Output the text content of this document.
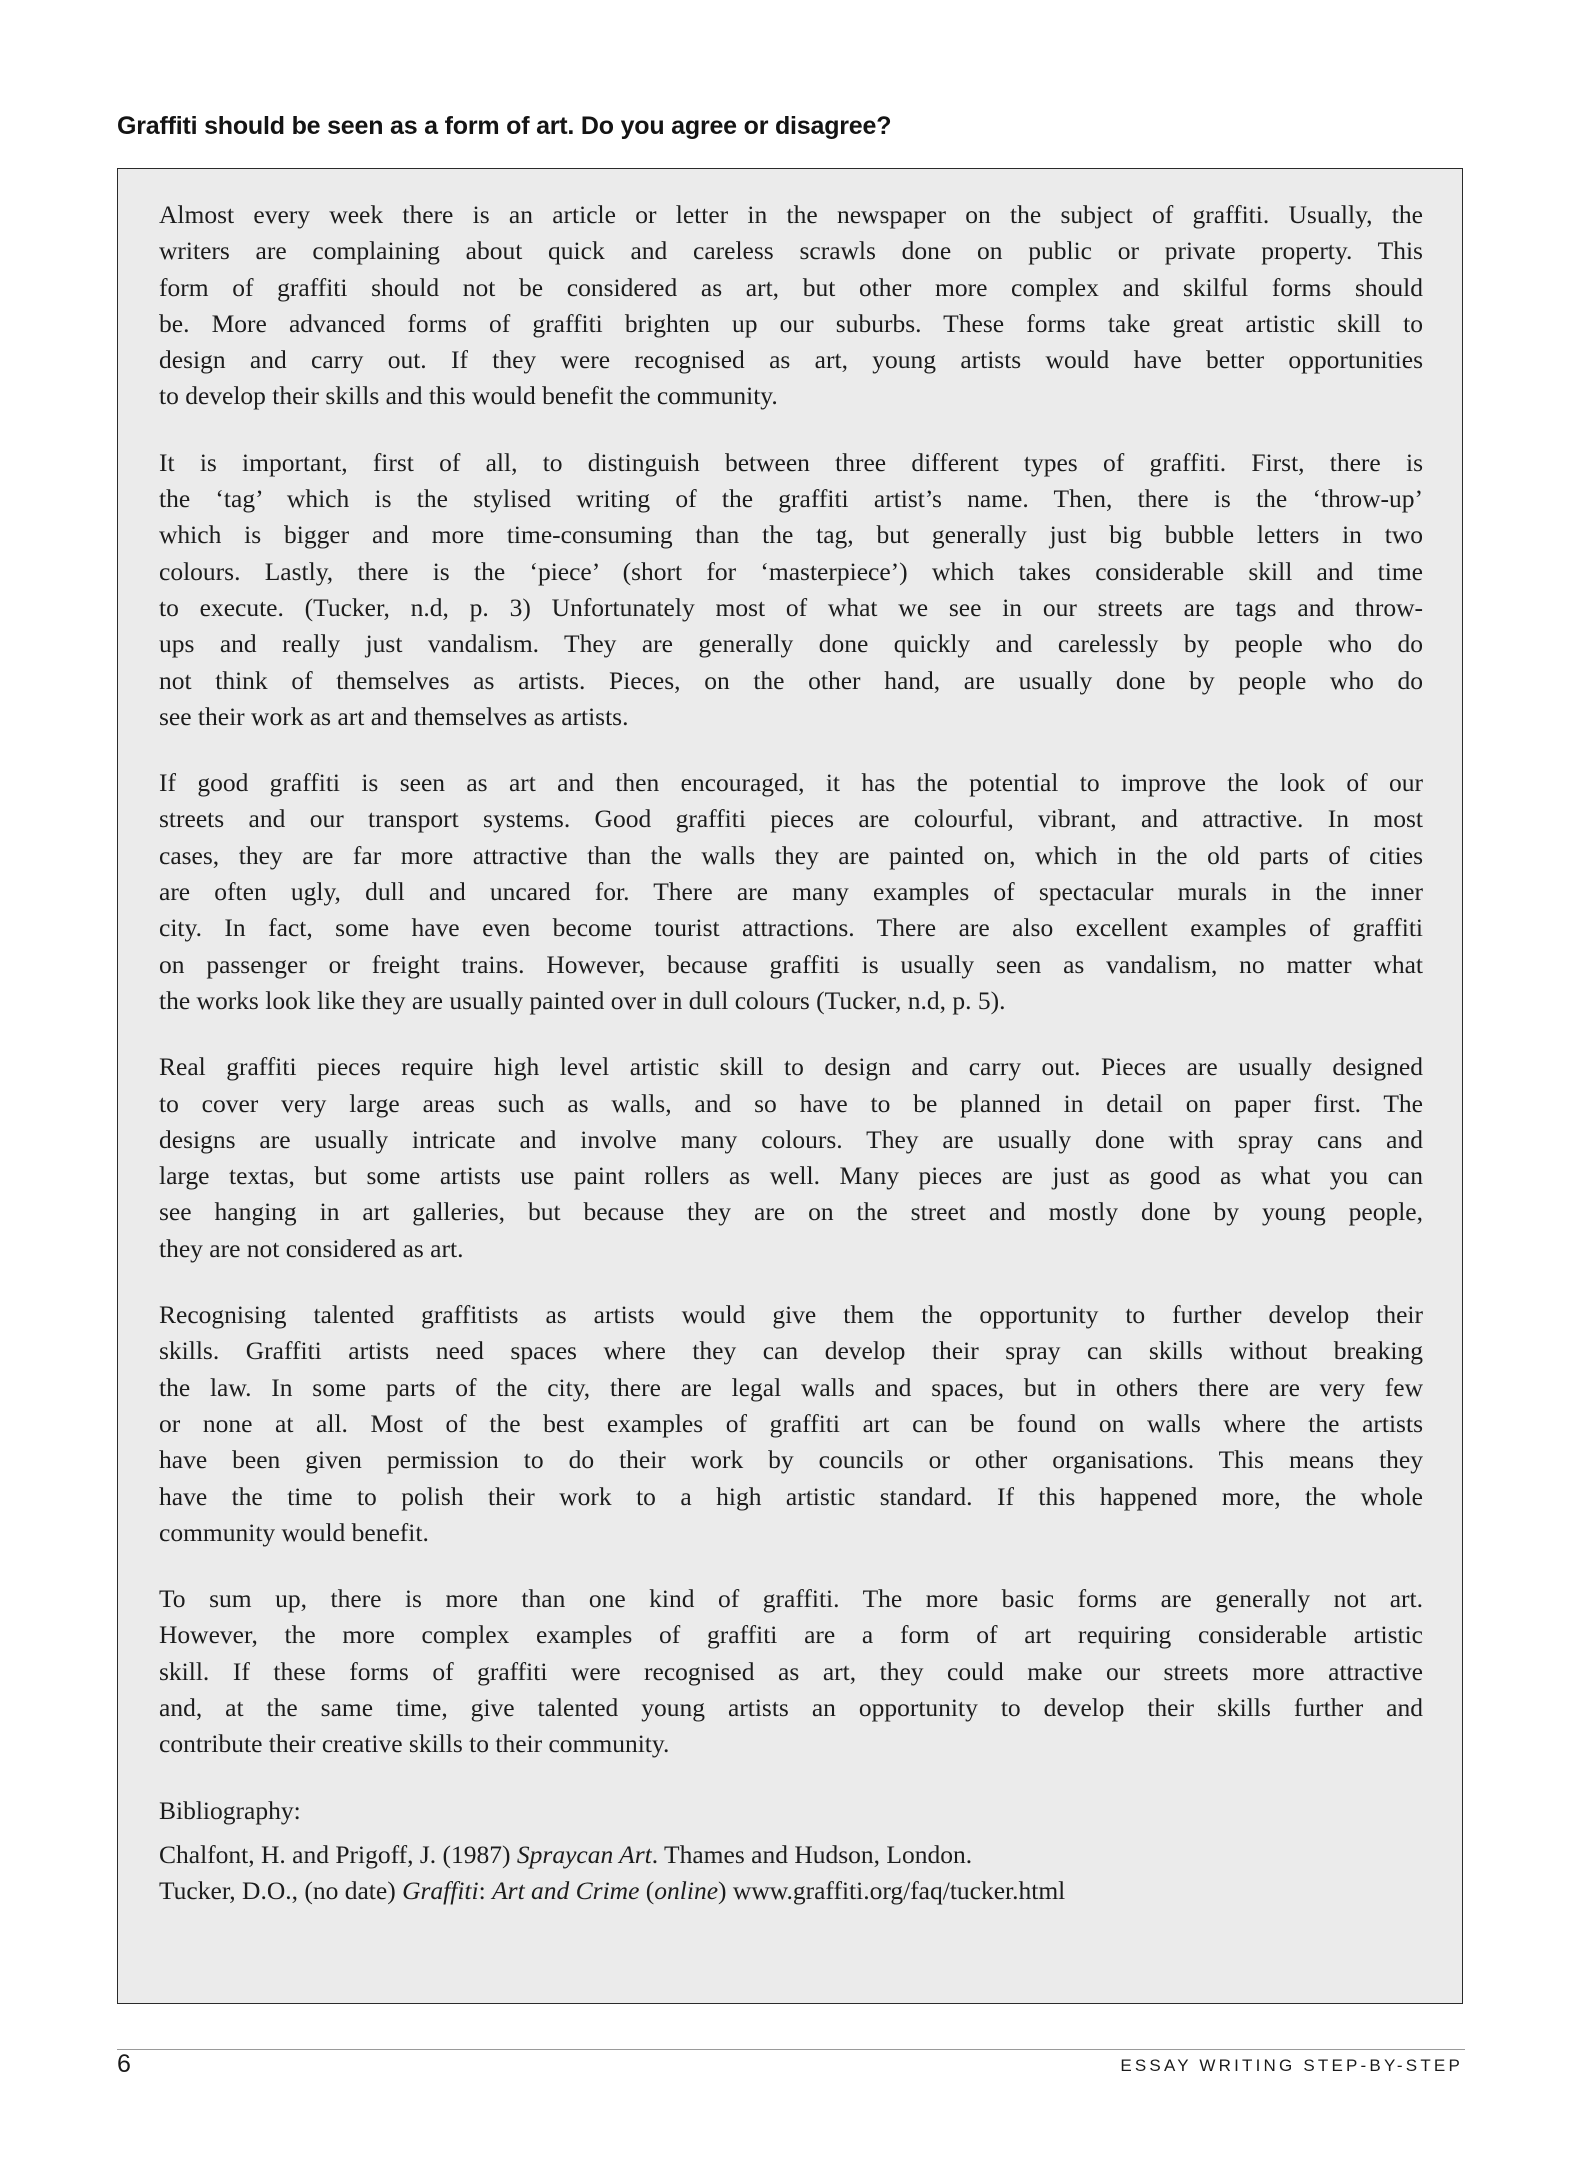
Graffiti should be seen as a form of art. Do you agree or disagree?
Almost every week there is an article or letter in the newspaper on the subject of graffiti. Usually, the
writers are complaining about quick and careless scrawls done on public or private property. This
form of graffiti should not be considered as art, but other more complex and skilful forms should
be. More advanced forms of graffiti brighten up our suburbs. These forms take great artistic skill to
design and carry out. If they were recognised as art, young artists would have better opportunities
to develop their skills and this would benefit the community.
It is important, first of all, to distinguish between three different types of graffiti. First, there is
the ‘tag’ which is the stylised writing of the graffiti artist’s name. Then, there is the ‘throw-up’
which is bigger and more time-consuming than the tag, but generally just big bubble letters in two
colours. Lastly, there is the ‘piece’ (short for ‘masterpiece’) which takes considerable skill and time
to execute. (Tucker, n.d, p. 3) Unfortunately most of what we see in our streets are tags and throw-
ups and really just vandalism. They are generally done quickly and carelessly by people who do
not think of themselves as artists. Pieces, on the other hand, are usually done by people who do
see their work as art and themselves as artists.
If good graffiti is seen as art and then encouraged, it has the potential to improve the look of our
streets and our transport systems. Good graffiti pieces are colourful, vibrant, and attractive. In most
cases, they are far more attractive than the walls they are painted on, which in the old parts of cities
are often ugly, dull and uncared for. There are many examples of spectacular murals in the inner
city. In fact, some have even become tourist attractions. There are also excellent examples of graffiti
on passenger or freight trains. However, because graffiti is usually seen as vandalism, no matter what
the works look like they are usually painted over in dull colours (Tucker, n.d, p. 5).
Real graffiti pieces require high level artistic skill to design and carry out. Pieces are usually designed
to cover very large areas such as walls, and so have to be planned in detail on paper first. The
designs are usually intricate and involve many colours. They are usually done with spray cans and
large textas, but some artists use paint rollers as well. Many pieces are just as good as what you can
see hanging in art galleries, but because they are on the street and mostly done by young people,
they are not considered as art.
Recognising talented graffitists as artists would give them the opportunity to further develop their
skills. Graffiti artists need spaces where they can develop their spray can skills without breaking
the law. In some parts of the city, there are legal walls and spaces, but in others there are very few
or none at all. Most of the best examples of graffiti art can be found on walls where the artists
have been given permission to do their work by councils or other organisations. This means they
have the time to polish their work to a high artistic standard. If this happened more, the whole
community would benefit.
To sum up, there is more than one kind of graffiti. The more basic forms are generally not art.
However, the more complex examples of graffiti are a form of art requiring considerable artistic
skill. If these forms of graffiti were recognised as art, they could make our streets more attractive
and, at the same time, give talented young artists an opportunity to develop their skills further and
contribute their creative skills to their community.
Bibliography:
Chalfont, H. and Prigoff, J. (1987) Spraycan Art. Thames and Hudson, London.
Tucker, D.O., (no date) Graffiti: Art and Crime (online) www.graffiti.org/faq/tucker.html
6	ESSAY WRITING STEP-BY-STEP
